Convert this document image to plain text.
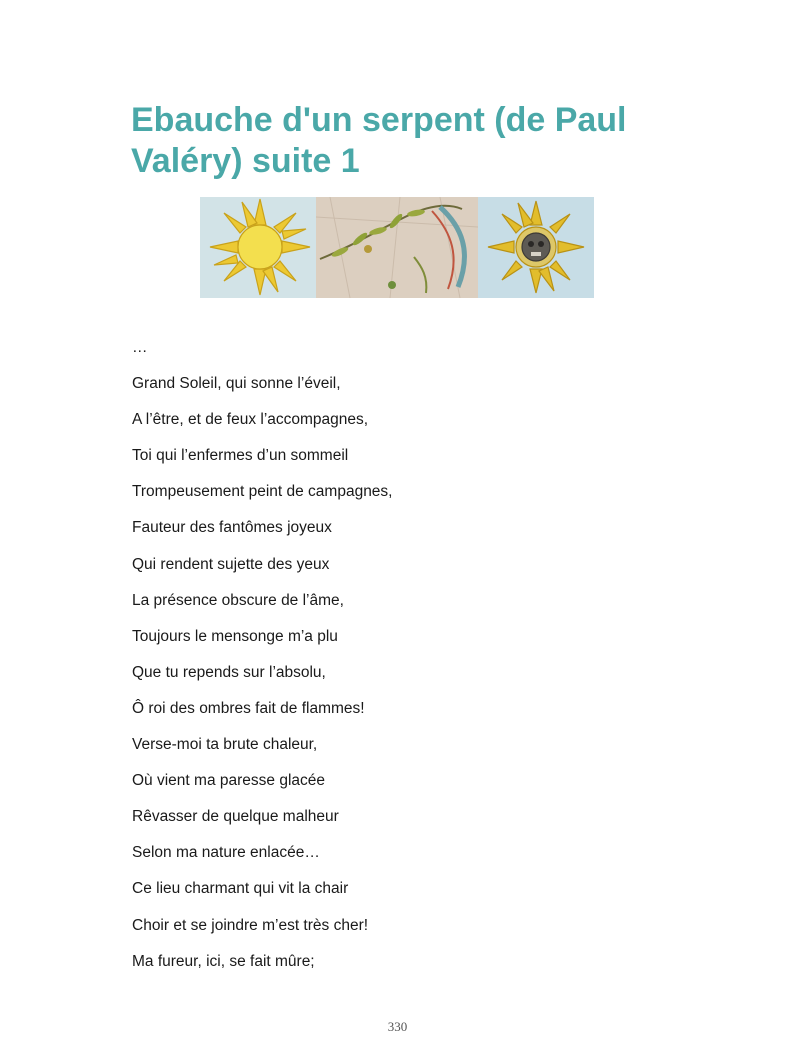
Ebauche d'un serpent (de Paul Valéry) suite 1
…
Grand Soleil, qui sonne l’éveil,
A l’être, et de feux l’accompagnes,
Toi qui l’enfermes d’un sommeil
Trompeusement peint de campagnes,
Fauteur des fantômes joyeux
Qui rendent sujette des yeux
La présence obscure de l’âme,
Toujours le mensonge m’a plu
Que tu repends sur l’absolu,
Ô roi des ombres fait de flammes!
Verse-moi ta brute chaleur,
Où vient ma paresse glacée
Rêvasser de quelque malheur
Selon ma nature enlacée…
Ce lieu charmant qui vit la chair
Choir et se joindre m’est très cher!
Ma fureur, ici, se fait mûre;
330
